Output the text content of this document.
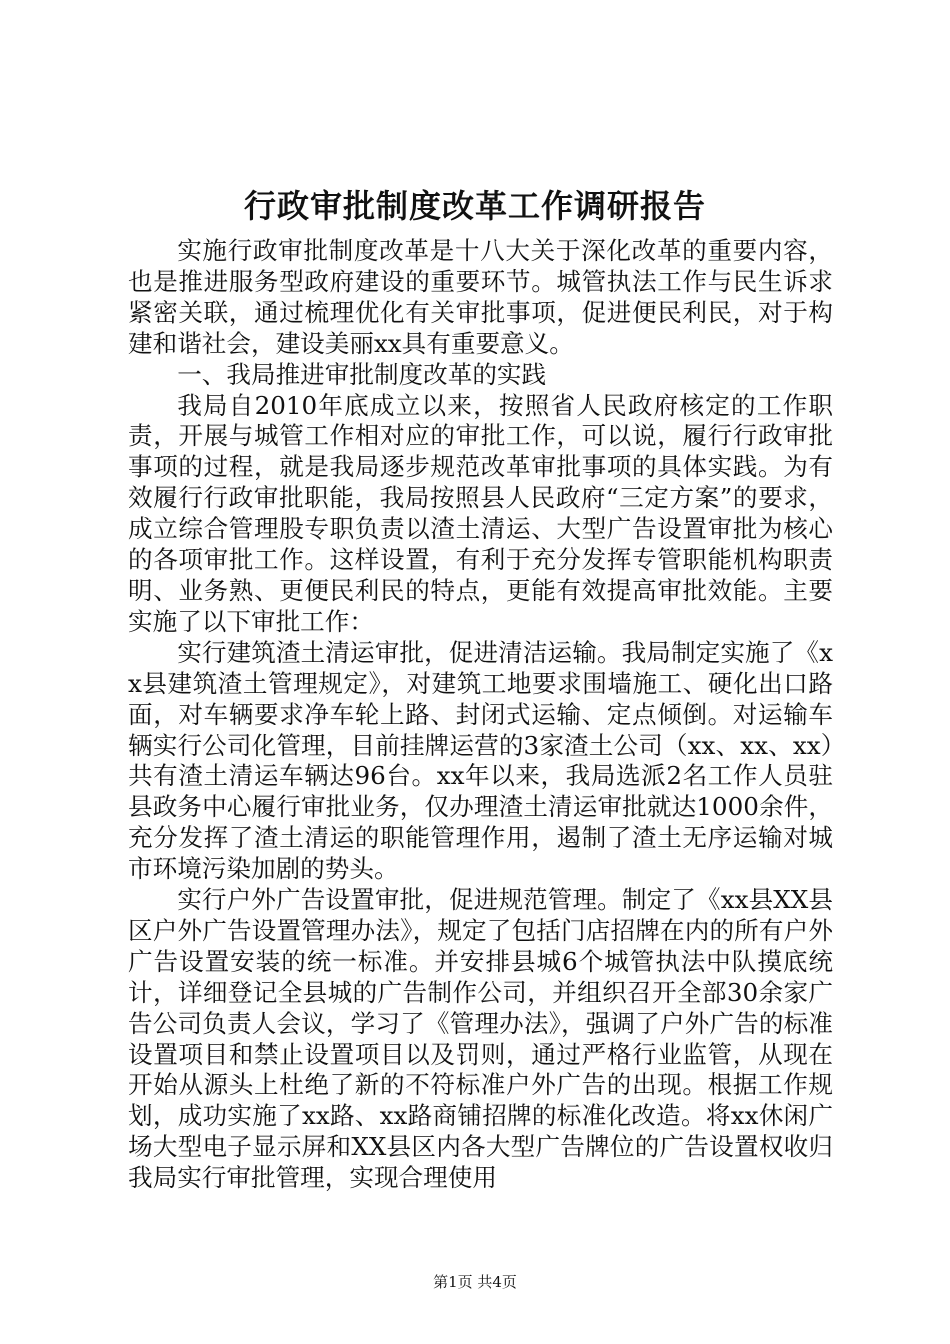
行政审批制度改革工作调研报告

实施行政审批制度改革是十八大关于深化改革的重要内容，也是推进服务型政府建设的重要环节。城管执法工作与民生诉求紧密关联，通过梳理优化有关审批事项，促进便民利民，对于构建和谐社会，建设美丽xx具有重要意义。

一、我局推进审批制度改革的实践

我局自2010年底成立以来，按照省人民政府核定的工作职责，开展与城管工作相对应的审批工作，可以说，履行行政审批事项的过程，就是我局逐步规范改革审批事项的具体实践。为有效履行行政审批职能，我局按照县人民政府“三定方案”的要求，成立综合管理股专职负责以渣土清运、大型广告设置审批为核心的各项审批工作。这样设置，有利于充分发挥专管职能机构职责明、业务熟、更便民利民的特点，更能有效提高审批效能。主要实施了以下审批工作：

实行建筑渣土清运审批，促进清洁运输。我局制定实施了《xx县建筑渣土管理规定》，对建筑工地要求围墙施工、硬化出口路面，对车辆要求净车轮上路、封闭式运输、定点倾倒。对运输车辆实行公司化管理，目前挂牌运营的3家渣土公司（xx、xx、xx）共有渣土清运车辆达96台。xx年以来，我局选派2名工作人员驻县政务中心履行审批业务，仅办理渣土清运审批就达1000余件，充分发挥了渣土清运的职能管理作用，遏制了渣土无序运输对城市环境污染加剧的势头。

实行户外广告设置审批，促进规范管理。制定了《xx县XX县区户外广告设置管理办法》，规定了包括门店招牌在内的所有户外广告设置安装的统一标准。并安排县城6个城管执法中队摸底统计，详细登记全县城的广告制作公司，并组织召开全部30余家广告公司负责人会议，学习了《管理办法》，强调了户外广告的标准设置项目和禁止设置项目以及罚则，通过严格行业监管，从现在开始从源头上杜绝了新的不符标准户外广告的出现。根据工作规划，成功实施了xx路、xx路商铺招牌的标准化改造。将xx休闲广场大型电子显示屏和XX县区内各大型广告牌位的广告设置权收归我局实行审批管理，实现合理使用

第1页 共4页
